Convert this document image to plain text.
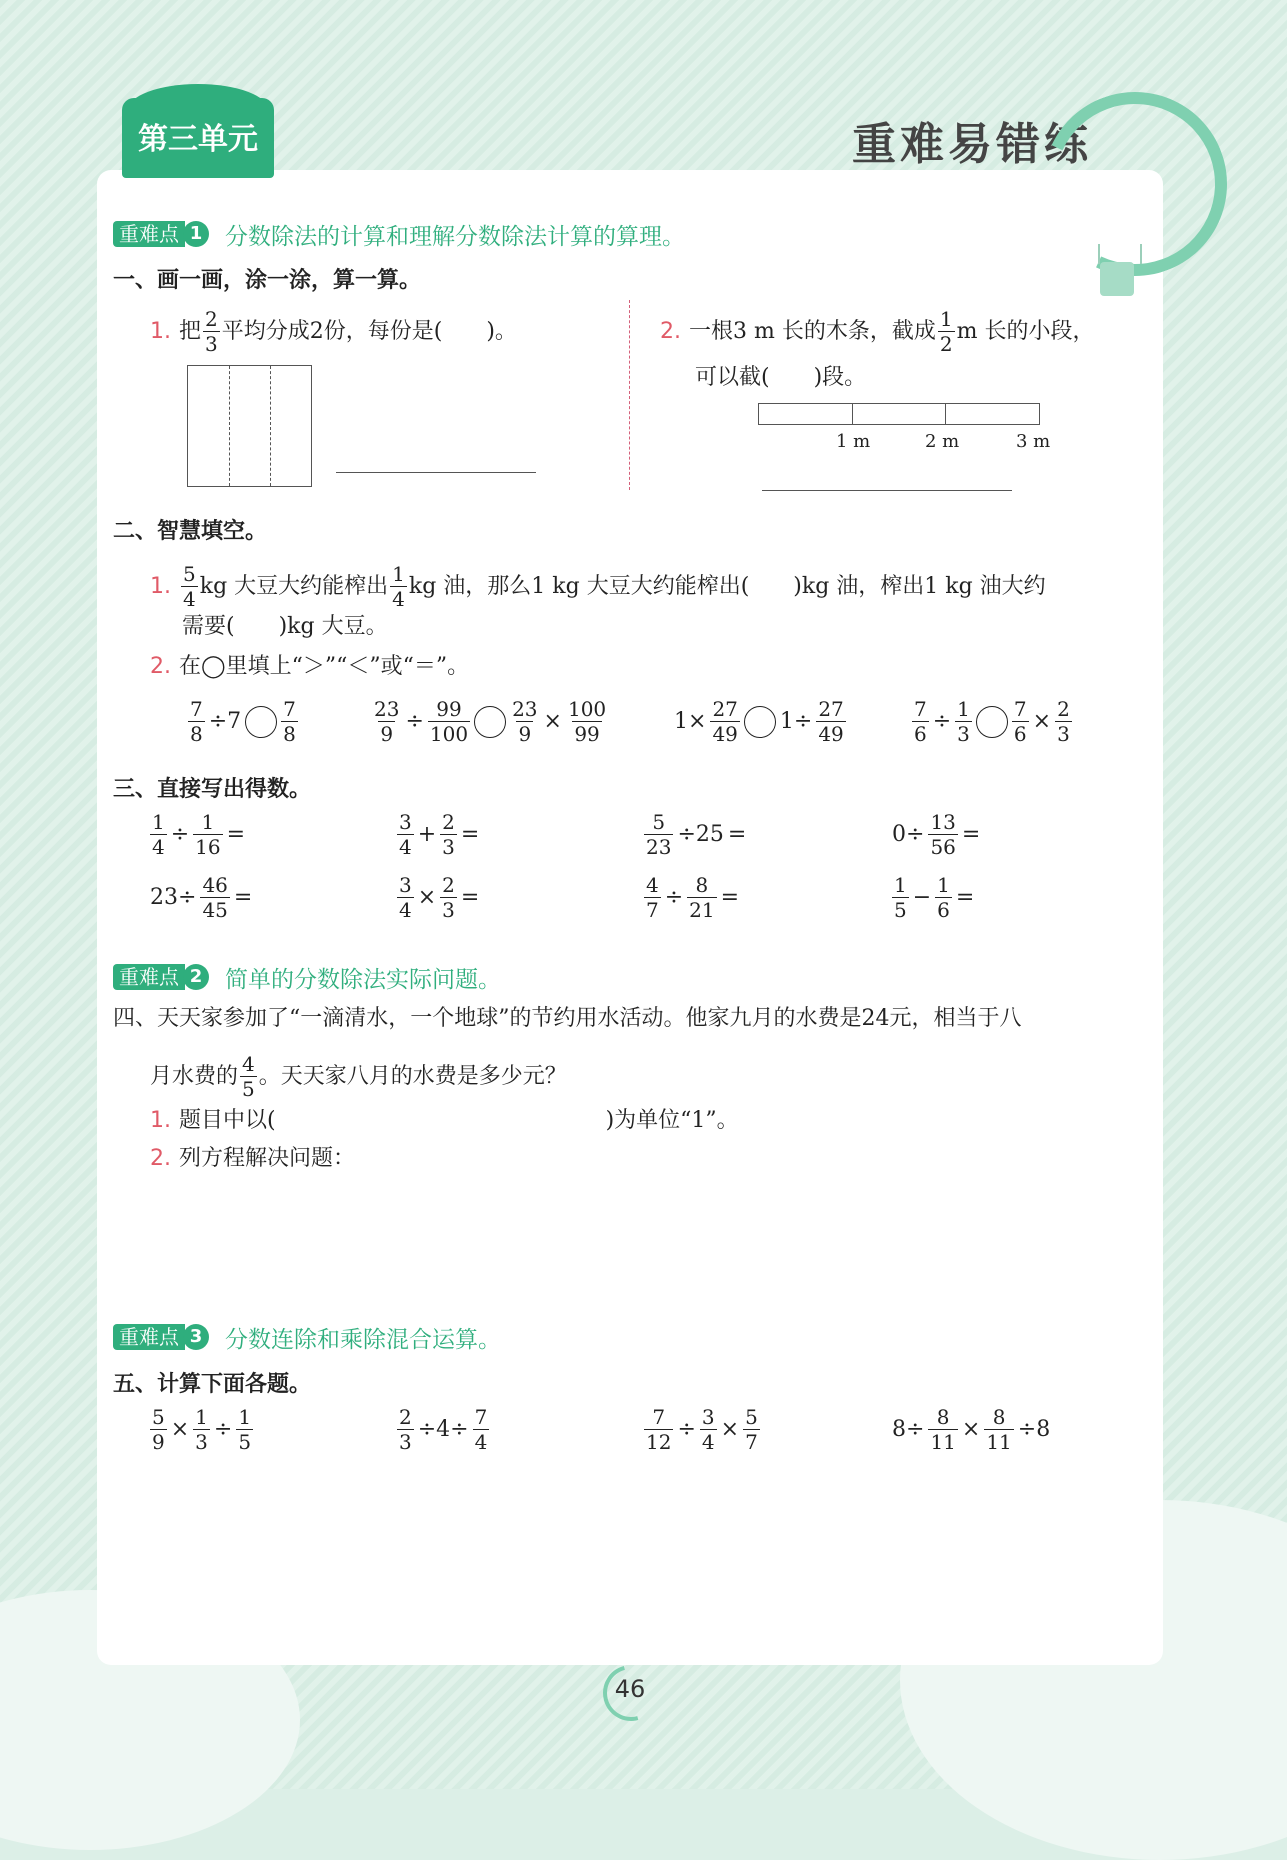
第三单元	重难易错练
重难点 1 分数除法的计算和理解分数除法计算的算理。
一、画一画，涂一涂，算一算。
1. 把 $\frac{2}{3}$ 平均分成2份，每份是(　　)。	2. 一根3 m 长的木条，截成 $\frac{1}{2}$ m 长的小段，
可以截(　　)段。
1 m	2 m	3 m
二、智慧填空。
1. $\frac{5}{4}$ kg 大豆大约能榨出 $\frac{1}{4}$ kg 油，那么1 kg 大豆大约能榨出(　　)kg 油，榨出1 kg 油大约
需要(　　)kg 大豆。
2. 在◯里填上“＞”“＜”或“＝”。
$\frac{7}{8} \div 7 \frac{7}{8}$	$\frac{23}{9} \div \frac{99}{100} \frac{23}{9} \times \frac{100}{99}$	$1\times \frac{27}{49} 1\div \frac{27}{49}$	$\frac{7}{6} \div \frac{1}{3} \frac{7}{6} \times \frac{2}{3}$
三、直接写出得数。
$\frac{1}{4} \div \frac{1}{16}$ =	$\frac{3}{4} + \frac{2}{3}$ =	$\frac{5}{23} \div 25$ =	$0\div \frac{13}{56}$ =
$23\div \frac{46}{45}$ =	$\frac{3}{4} \times \frac{2}{3}$ =	$\frac{4}{7} \div \frac{8}{21}$ =	$\frac{1}{5} - \frac{1}{6}$ =
重难点 2 简单的分数除法实际问题。
四、天天家参加了“一滴清水，一个地球”的节约用水活动。他家九月的水费是24元，相当于八
月水费的 $\frac{4}{5}$ 。天天家八月的水费是多少元？
1. 题目中以(　　　　　　　　　　　　　　　)为单位“1”。
2. 列方程解决问题：
重难点 3 分数连除和乘除混合运算。
五、计算下面各题。
$\frac{5}{9} \times \frac{1}{3} \div \frac{1}{5}$	$\frac{2}{3} \div 4\div \frac{7}{4}$	$\frac{7}{12} \div \frac{3}{4} \times \frac{5}{7}$	$8\div \frac{8}{11} \times \frac{8}{11} \div 8$
46
